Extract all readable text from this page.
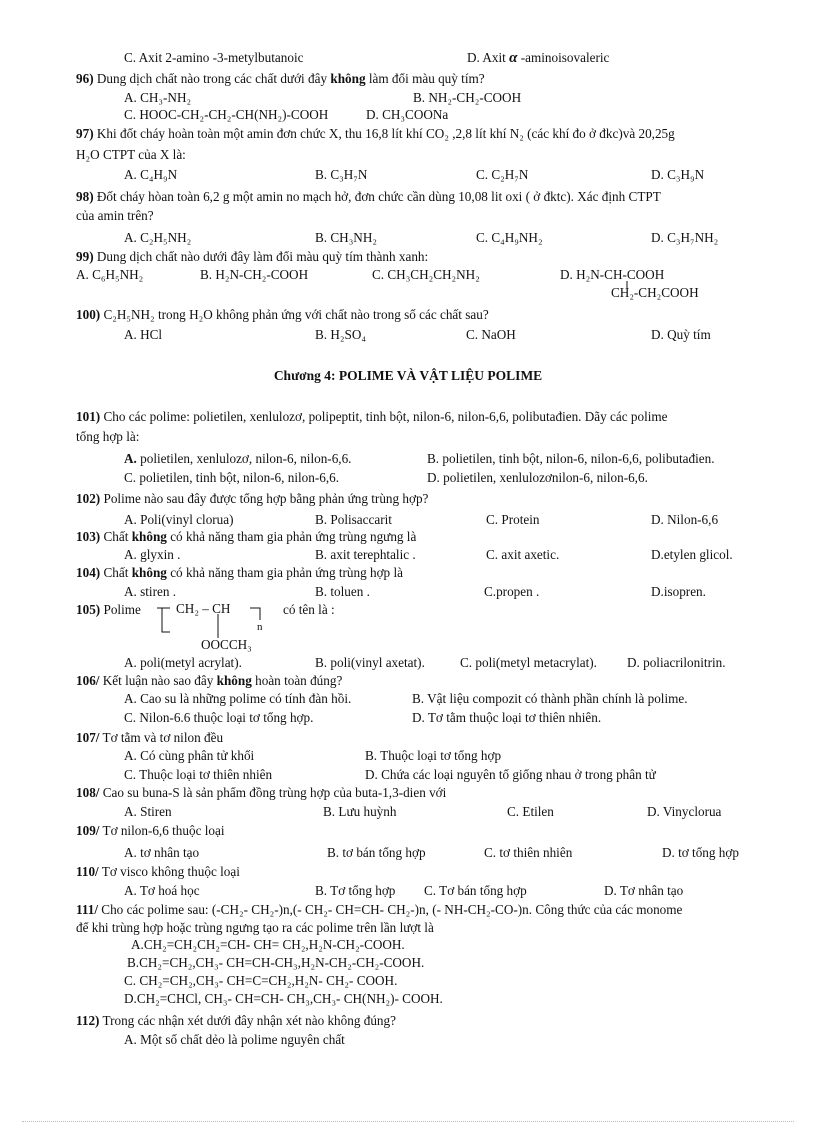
C. Axit 2-amino -3-metylbutanoic	D. Axit α -aminoisovaleric
96) Dung dịch chất nào trong các chất dưới đây không làm đổi màu quỳ tím?
A. CH₃-NH₂	B. NH₂-CH₂-COOH
C. HOOC-CH₂-CH₂-CH(NH₂)-COOH	D. CH₃COONa
97) Khi đốt cháy hoàn toàn một amin đơn chức X, thu 16,8 lít khí CO₂ ,2,8 lít khí N₂ (các khí đo ở đkc)và 20,25g
H₂O CTPT của X là:
A. C₄H₉N	B. C₃H₇N	C. C₂H₇N	D. C₃H₉N
98) Đốt cháy hòan toàn 6,2 g một amin no mạch hở, đơn chức cần dùng 10,08 lit oxi ( ở đktc). Xác định CTPT
của amin trên?
A. C₂H₅NH₂	B. CH₃NH₂	C. C₄H₉NH₂	D. C₃H₇NH₂
99) Dung dịch chất nào dưới đây làm đổi màu quỳ tím thành xanh:
A. C₆H₅NH₂	B. H₂N-CH₂-COOH	C. CH₃CH₂CH₂NH₂	D. H₂N-CH-COOH
CH₂-CH₂COOH
100) C₂H₅NH₂ trong H₂O không phản ứng với chất nào trong số các chất sau?
A. HCl	B. H₂SO₄	C. NaOH	D. Quỳ tím
Chương 4: POLIME VÀ VẬT LIỆU POLIME
101) Cho các polime: polietilen, xenlulozơ, polipeptit, tinh bột, nilon-6, nilon-6,6, polibutađien. Dãy các polime
tổng hợp là:
A. polietilen, xenlulozơ, nilon-6, nilon-6,6.	B. polietilen, tinh bột, nilon-6, nilon-6,6, polibutađien.
C. polietilen, tinh bột, nilon-6, nilon-6,6.	D. polietilen, xenlulozơnilon-6, nilon-6,6.
102) Polime nào sau đây được tổng hợp bằng phản ứng trùng hợp?
A. Poli(vinyl clorua)	B. Polisaccarit	C. Protein	D. Nilon-6,6
103) Chất không có khả năng tham gia phản ứng trùng ngưng là
A. glyxin .	B. axit terephtalic .	C. axit axetic.	D.etylen glicol.
104) Chất không có khả năng tham gia phản ứng trùng hợp là
A. stiren .	B. toluen .	C.propen .	D.isopren.
105) Polime	CH₂ – CH
n
OOCCH₃
có tên là :
A. poli(metyl acrylat).	B. poli(vinyl axetat).	C. poli(metyl metacrylat). D. poliacrilonitrin.
106/ Kết luận nào sao đây không hoàn toàn đúng?
A. Cao su là những polime có tính đàn hồi.	B. Vật liệu compozit có thành phần chính là polime.
C. Nilon-6.6 thuộc loại tơ tổng hợp.	D. Tơ tằm thuộc loại tơ thiên nhiên.
107/ Tơ tằm và tơ nilon đều
A. Có cùng phân tử khối	B. Thuộc loại tơ tổng hợp
C. Thuộc loại tơ thiên nhiên	D. Chứa các loại nguyên tố giống nhau ở trong phân tử
108/ Cao su buna-S là sản phẩm đồng trùng hợp của buta-1,3-dien với
A. Stiren	B. Lưu huỳnh	C. Etilen	D. Vinyclorua
109/ Tơ nilon-6,6 thuộc loại
A. tơ nhân tạo	B. tơ bán tổng hợp	C. tơ thiên nhiên	D. tơ tổng hợp
110/ Tơ visco không thuộc loại
A. Tơ hoá học	B. Tơ tổng hợp C. Tơ bán tổng hợp	D. Tơ nhân tạo
111/ Cho các polime sau: (-CH₂- CH₂-)n,(- CH₂- CH=CH- CH₂-)n, (- NH-CH₂-CO-)n. Công thức của các monome
để khi trùng hợp hoặc trùng ngưng tạo ra các polime trên lần lượt là
A.CH₂=CH₂CH₂=CH- CH= CH₂,H₂N-CH₂-COOH.
B.CH₂=CH₂,CH₃- CH=CH-CH₃,H₂N-CH₂-CH₂-COOH.
C. CH₂=CH₂,CH₃- CH=C=CH₂,H₂N- CH₂- COOH.
D.CH₂=CHCl, CH₃- CH=CH- CH₃,CH₃- CH(NH₂)- COOH.
112) Trong các nhận xét dưới đây nhận xét nào không đúng?
A. Một số chất dẻo là polime nguyên chất
